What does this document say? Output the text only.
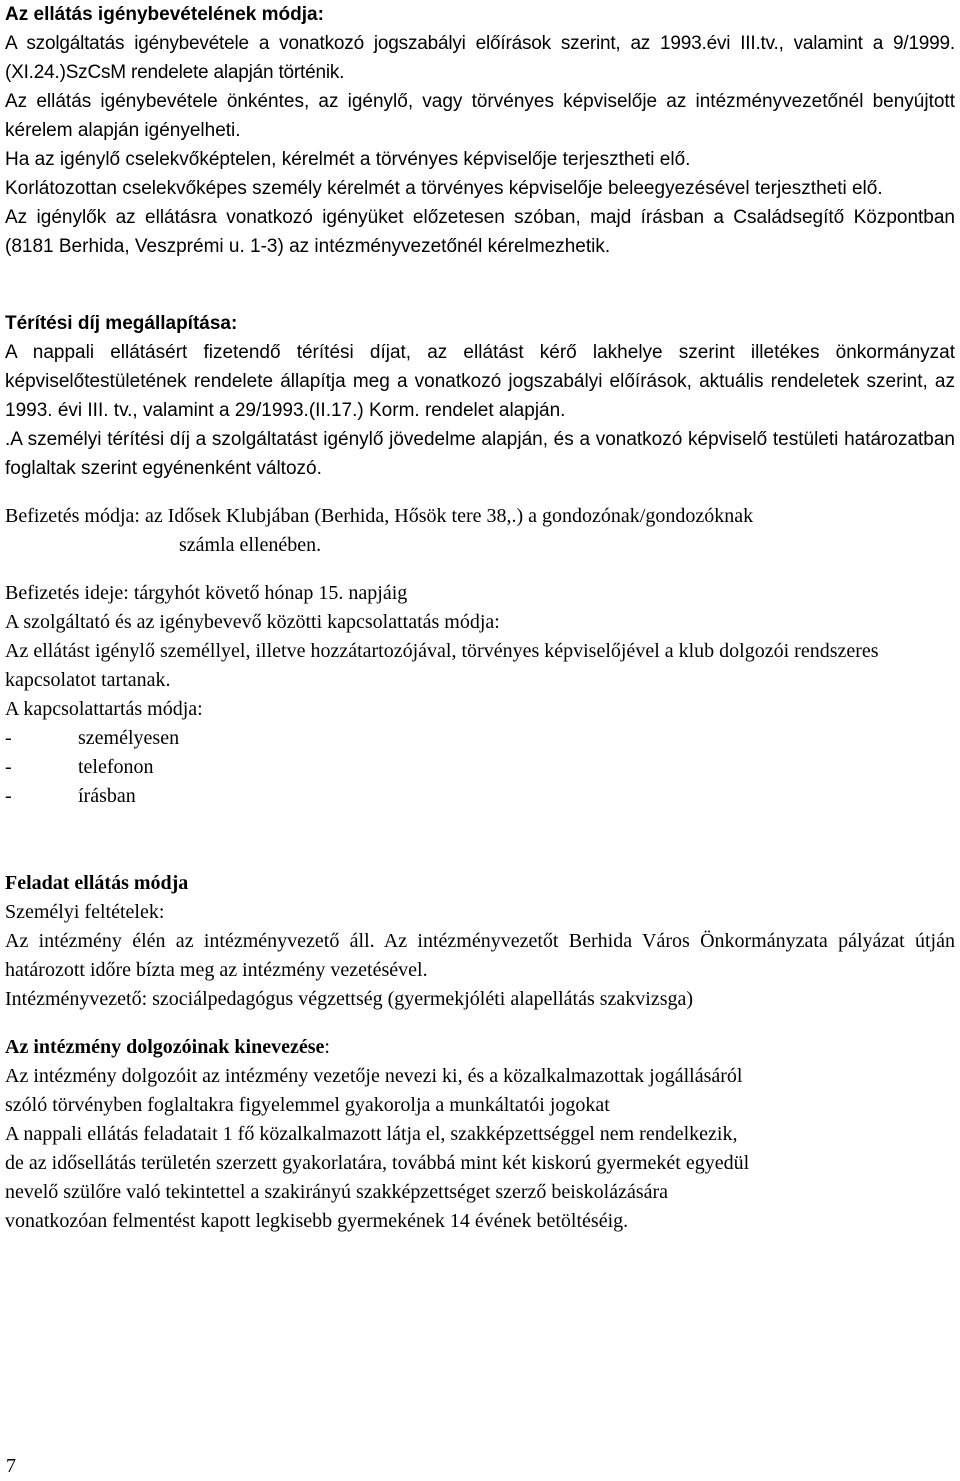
Az ellátás igénybevételének módja:

A szolgáltatás igénybevétele a vonatkozó jogszabályi előírások szerint, az 1993.évi III.tv., valamint a 9/1999.(XI.24.)SzCsM rendelete alapján történik.

Az ellátás igénybevétele önkéntes, az igénylő, vagy törvényes képviselője az intézményvezetőnél benyújtott kérelem alapján igényelheti.

Ha az igénylő cselekvőképtelen, kérelmét a törvényes képviselője terjesztheti elő.

Korlátozottan cselekvőképes személy kérelmét a törvényes képviselője beleegyezésével terjesztheti elő.

Az igénylők az ellátásra vonatkozó igényüket előzetesen szóban, majd írásban a Családsegítő Központban (8181 Berhida, Veszprémi u. 1-3) az intézményvezetőnél kérelmezhetik.

Térítési díj megállapítása:

A nappali ellátásért fizetendő térítési díjat, az ellátást kérő lakhelye szerint illetékes önkormányzat képviselőtestületének rendelete állapítja meg a vonatkozó jogszabályi előírások, aktuális rendeletek szerint, az 1993. évi III. tv., valamint a 29/1993.(II.17.) Korm. rendelet alapján.

.A személyi térítési díj a szolgáltatást igénylő jövedelme alapján, és a vonatkozó képviselő testületi határozatban foglaltak szerint egyénenként változó.

Befizetés módja: az Idősek Klubjában (Berhida, Hősök tere 38,.) a gondozónak/gondozóknak

számla ellenében.

Befizetés ideje: tárgyhót követő hónap 15. napjáig

A szolgáltató és az igénybevevő közötti kapcsolattatás módja:

Az ellátást igénylő személlyel, illetve hozzátartozójával, törvényes képviselőjével a klub dolgozói rendszeres kapcsolatot tartanak.

A kapcsolattartás módja:

-	személyesen
-	telefonon
-	írásban

Feladat ellátás módja

Személyi feltételek:

Az intézmény élén az intézményvezető áll. Az intézményvezetőt Berhida Város Önkormányzata pályázat útján határozott időre bízta meg az intézmény vezetésével.

Intézményvezető: szociálpedagógus végzettség (gyermekjóléti alapellátás szakvizsga)

Az intézmény dolgozóinak kinevezése:

Az intézmény dolgozóit az intézmény vezetője nevezi ki, és a közalkalmazottak jogállásáról

szóló törvényben foglaltakra figyelemmel gyakorolja a munkáltatói jogokat

A nappali ellátás feladatait 1 fő közalkalmazott látja el, szakképzettséggel nem rendelkezik,

de az idősellátás területén szerzett gyakorlatára, továbbá mint két kiskorú gyermekét egyedül

nevelő szülőre való tekintettel a szakirányú szakképzettséget szerző beiskolázására

vonatkozóan felmentést kapott legkisebb gyermekének 14 évének betöltéséig.

7
